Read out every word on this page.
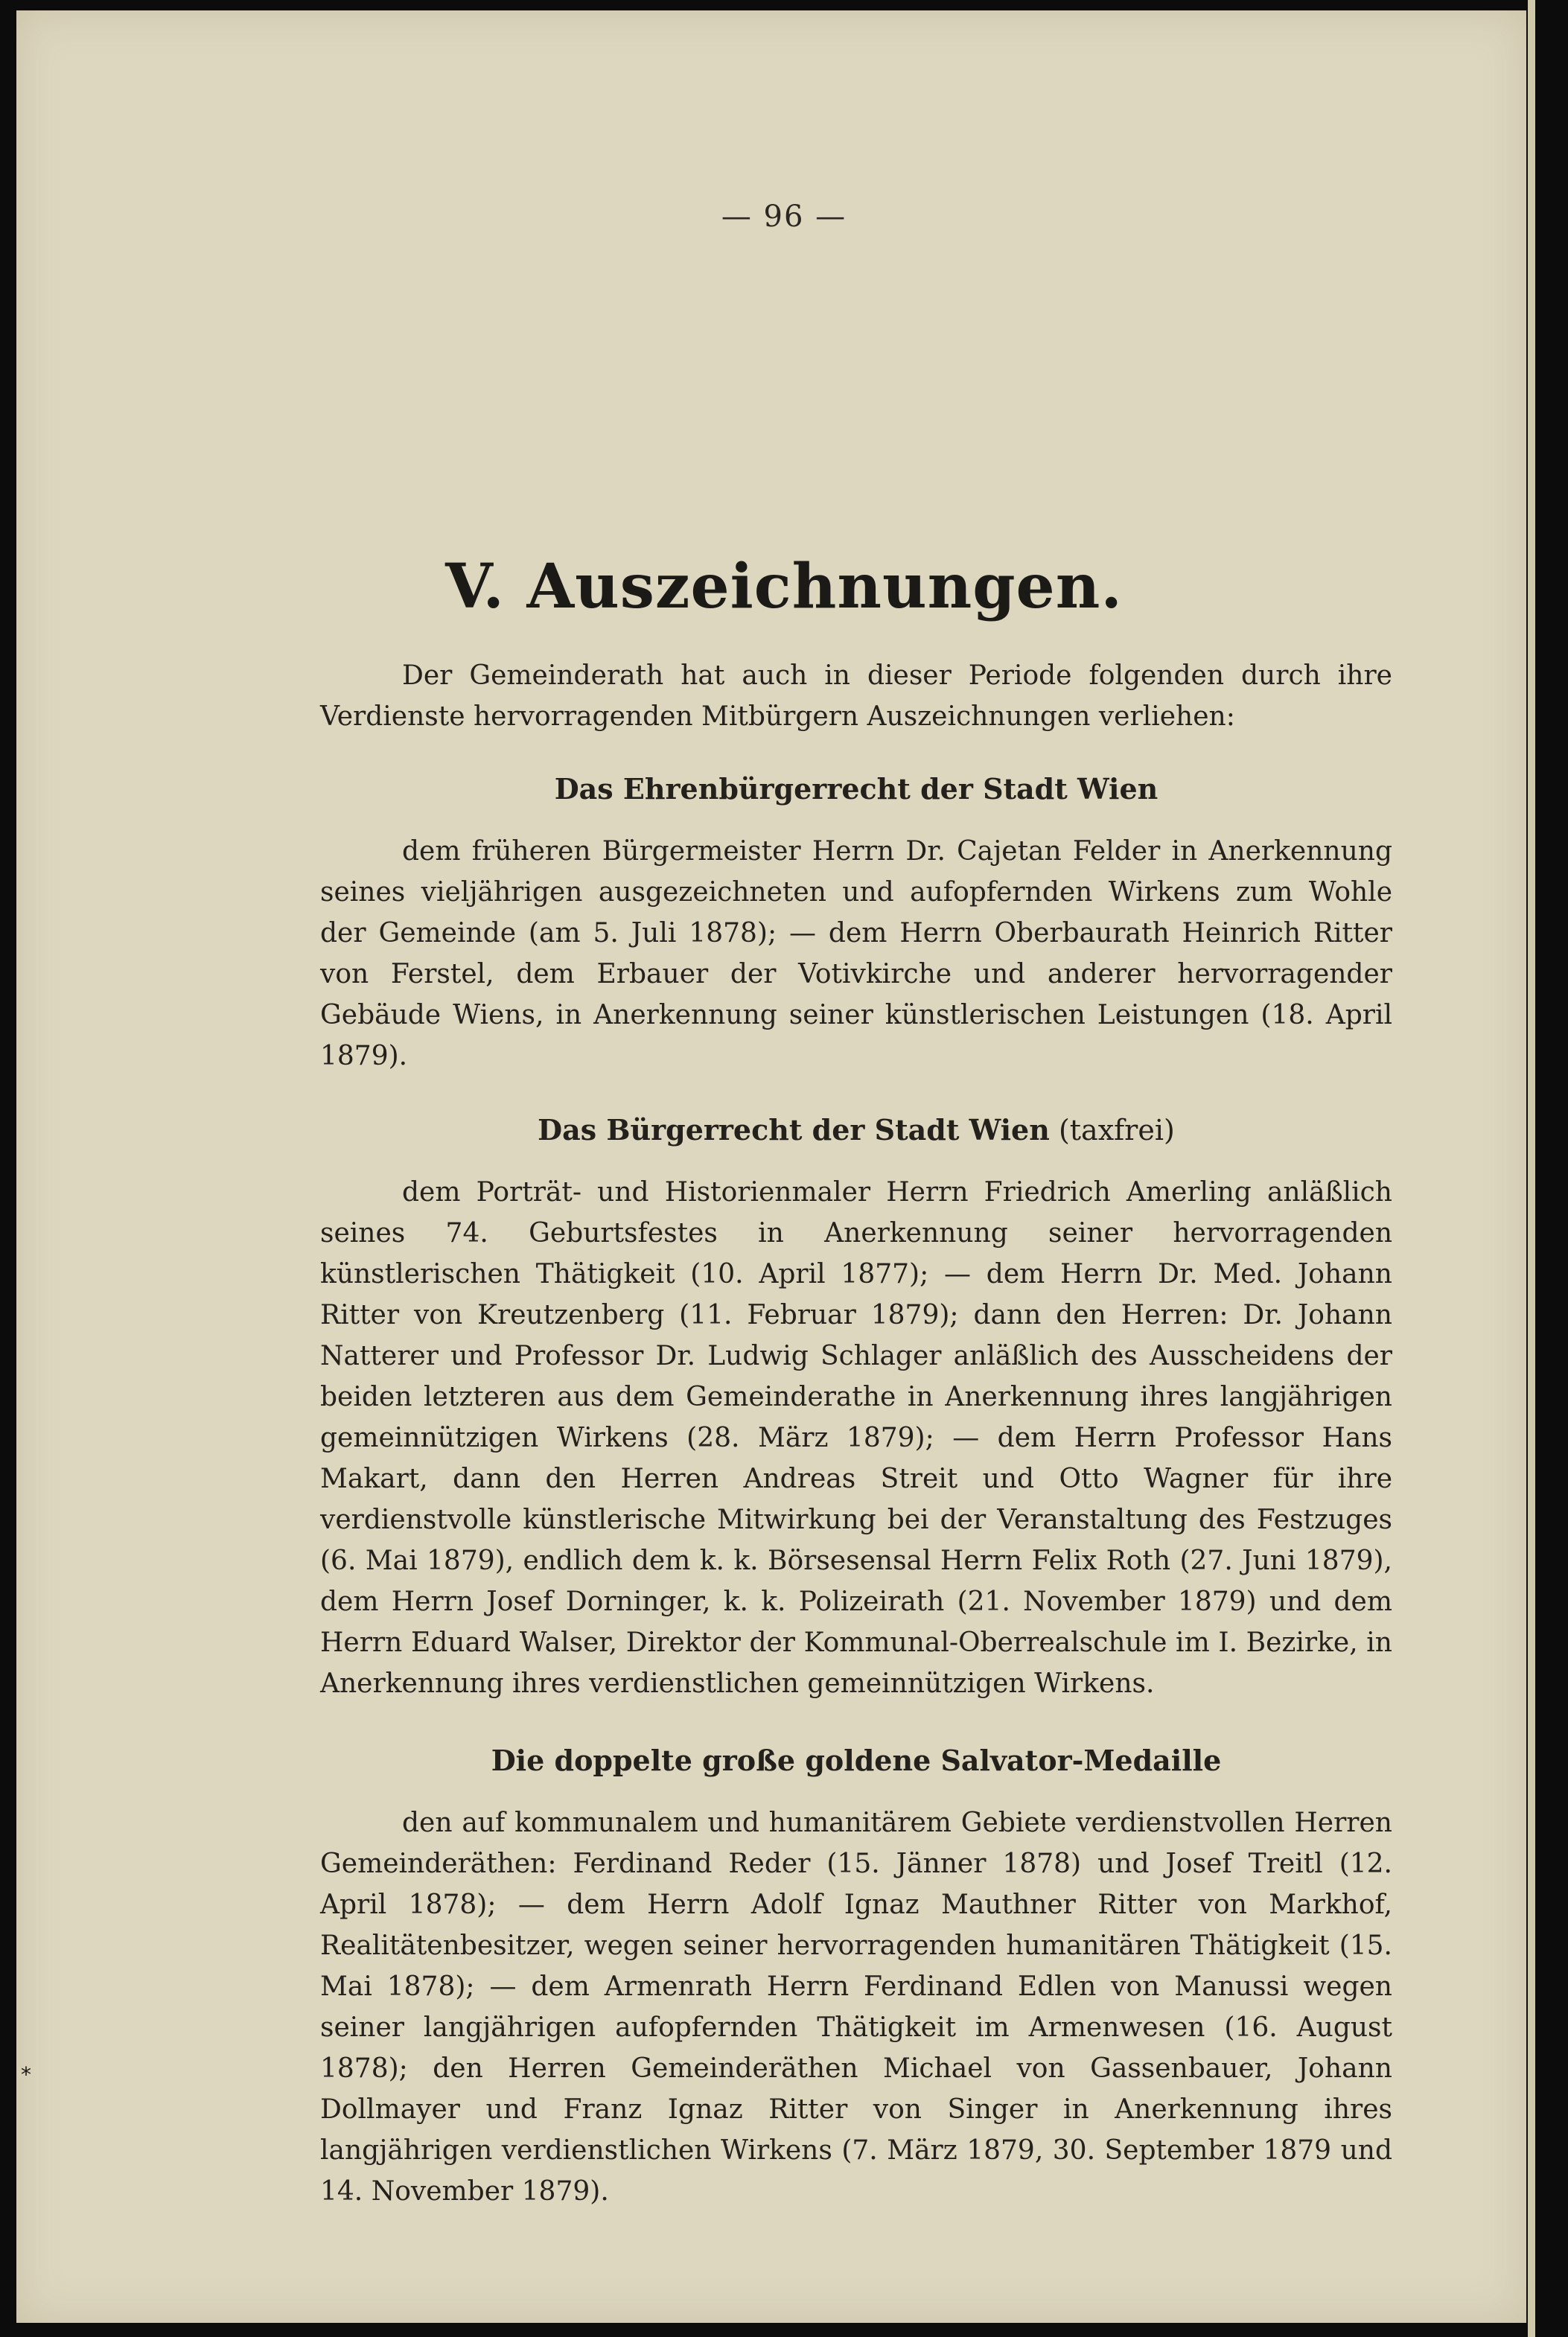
— 96 —
V. Auszeichnungen.

Der Gemeinderath hat auch in dieser Periode folgenden durch ihre Verdienste hervorragenden Mitbürgern Auszeichnungen verliehen:

Das Ehrenbürgerrecht der Stadt Wien

dem früheren Bürgermeister Herrn Dr. Cajetan Felder in Anerkennung seines vieljährigen ausgezeichneten und aufopfernden Wirkens zum Wohle der Gemeinde (am 5. Juli 1878); — dem Herrn Oberbaurath Heinrich Ritter von Ferstel, dem Erbauer der Votivkirche und anderer hervorragender Gebäude Wiens, in Anerkennung seiner künstlerischen Leistungen (18. April 1879).

Das Bürgerrecht der Stadt Wien (taxfrei)

dem Porträt- und Historienmaler Herrn Friedrich Amerling anläßlich seines 74. Geburtsfestes in Anerkennung seiner hervorragenden künstlerischen Thätigkeit (10. April 1877); — dem Herrn Dr. Med. Johann Ritter von Kreutzenberg (11. Februar 1879); dann den Herren: Dr. Johann Natterer und Professor Dr. Ludwig Schlager anläßlich des Ausscheidens der beiden letzteren aus dem Gemeinderathe in Anerkennung ihres langjährigen gemeinnützigen Wirkens (28. März 1879); — dem Herrn Professor Hans Makart, dann den Herren Andreas Streit und Otto Wagner für ihre verdienstvolle künstlerische Mitwirkung bei der Veranstaltung des Festzuges (6. Mai 1879), endlich dem k. k. Börsesensal Herrn Felix Roth (27. Juni 1879), dem Herrn Josef Dorninger, k. k. Polizeirath (21. November 1879) und dem Herrn Eduard Walser, Direktor der Kommunal-Oberrealschule im I. Bezirke, in Anerkennung ihres verdienstlichen gemeinnützigen Wirkens.

Die doppelte große goldene Salvator-Medaille

den auf kommunalem und humanitärem Gebiete verdienstvollen Herren Gemeinderäthen: Ferdinand Reder (15. Jänner 1878) und Josef Treitl (12. April 1878); — dem Herrn Adolf Ignaz Mauthner Ritter von Markhof, Realitätenbesitzer, wegen seiner hervorragenden humanitären Thätigkeit (15. Mai 1878); — dem Armenrath Herrn Ferdinand Edlen von Manussi wegen seiner langjährigen aufopfernden Thätigkeit im Armenwesen (16. August 1878); den Herren Gemeinderäthen Michael von Gassenbauer, Johann Dollmayer und Franz Ignaz Ritter von Singer in Anerkennung ihres langjährigen verdienstlichen Wirkens (7. März 1879, 30. September 1879 und 14. November 1879).

*
